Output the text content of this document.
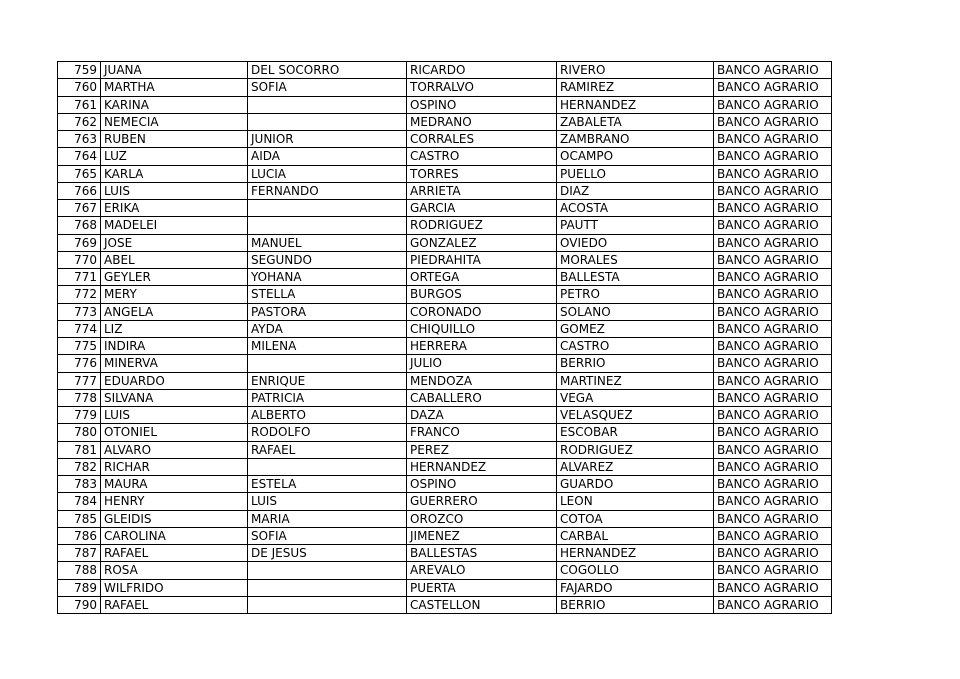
759	JUANA	DEL SOCORRO	RICARDO	RIVERO	BANCO AGRARIO
760	MARTHA	SOFIA	TORRALVO	RAMIREZ	BANCO AGRARIO
761	KARINA		OSPINO	HERNANDEZ	BANCO AGRARIO
762	NEMECIA		MEDRANO	ZABALETA	BANCO AGRARIO
763	RUBEN	JUNIOR	CORRALES	ZAMBRANO	BANCO AGRARIO
764	LUZ	AIDA	CASTRO	OCAMPO	BANCO AGRARIO
765	KARLA	LUCIA	TORRES	PUELLO	BANCO AGRARIO
766	LUIS	FERNANDO	ARRIETA	DIAZ	BANCO AGRARIO
767	ERIKA		GARCIA	ACOSTA	BANCO AGRARIO
768	MADELEI		RODRIGUEZ	PAUTT	BANCO AGRARIO
769	JOSE	MANUEL	GONZALEZ	OVIEDO	BANCO AGRARIO
770	ABEL	SEGUNDO	PIEDRAHITA	MORALES	BANCO AGRARIO
771	GEYLER	YOHANA	ORTEGA	BALLESTA	BANCO AGRARIO
772	MERY	STELLA	BURGOS	PETRO	BANCO AGRARIO
773	ANGELA	PASTORA	CORONADO	SOLANO	BANCO AGRARIO
774	LIZ	AYDA	CHIQUILLO	GOMEZ	BANCO AGRARIO
775	INDIRA	MILENA	HERRERA	CASTRO	BANCO AGRARIO
776	MINERVA		JULIO	BERRIO	BANCO AGRARIO
777	EDUARDO	ENRIQUE	MENDOZA	MARTINEZ	BANCO AGRARIO
778	SILVANA	PATRICIA	CABALLERO	VEGA	BANCO AGRARIO
779	LUIS	ALBERTO	DAZA	VELASQUEZ	BANCO AGRARIO
780	OTONIEL	RODOLFO	FRANCO	ESCOBAR	BANCO AGRARIO
781	ALVARO	RAFAEL	PEREZ	RODRIGUEZ	BANCO AGRARIO
782	RICHAR		HERNANDEZ	ALVAREZ	BANCO AGRARIO
783	MAURA	ESTELA	OSPINO	GUARDO	BANCO AGRARIO
784	HENRY	LUIS	GUERRERO	LEON	BANCO AGRARIO
785	GLEIDIS	MARIA	OROZCO	COTOA	BANCO AGRARIO
786	CAROLINA	SOFIA	JIMENEZ	CARBAL	BANCO AGRARIO
787	RAFAEL	DE JESUS	BALLESTAS	HERNANDEZ	BANCO AGRARIO
788	ROSA		AREVALO	COGOLLO	BANCO AGRARIO
789	WILFRIDO		PUERTA	FAJARDO	BANCO AGRARIO
790	RAFAEL		CASTELLON	BERRIO	BANCO AGRARIO
